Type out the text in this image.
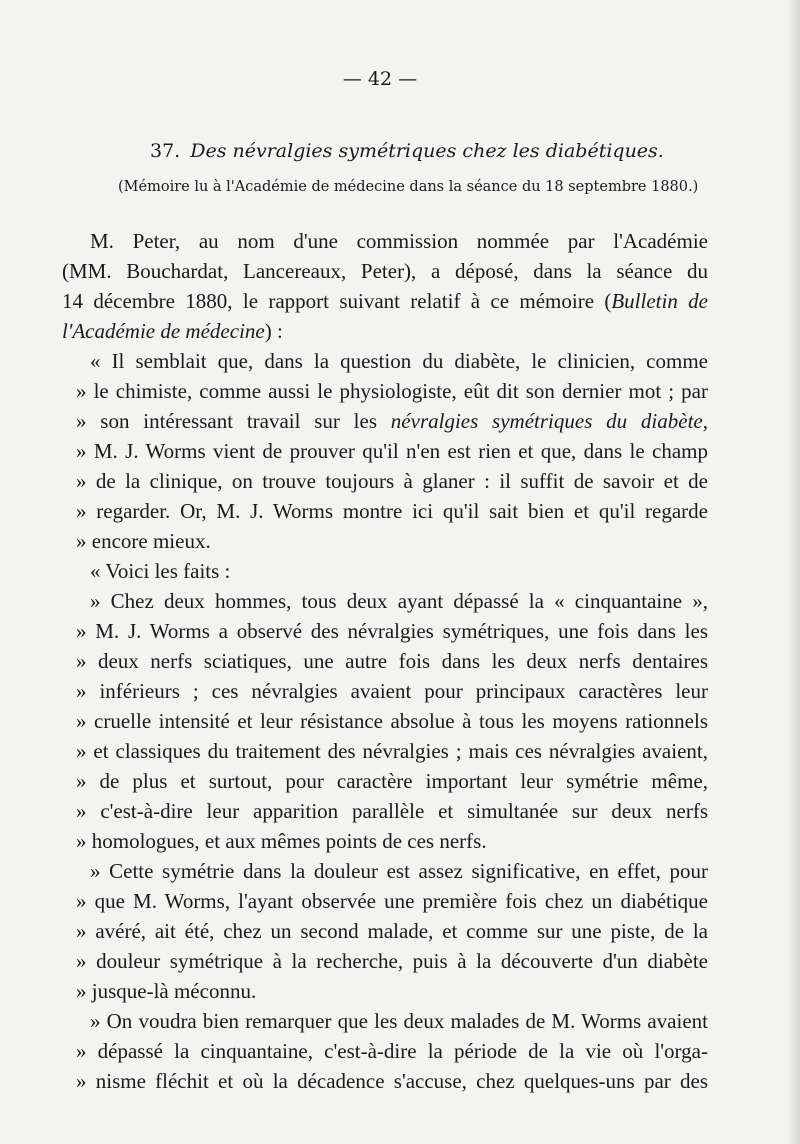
— 42 —
37. Des névralgies symétriques chez les diabétiques.
(Mémoire lu à l'Académie de médecine dans la séance du 18 septembre 1880.)
M. Peter, au nom d'une commission nommée par l'Académie
(MM. Bouchardat, Lancereaux, Peter), a déposé, dans la séance du
14 décembre 1880, le rapport suivant relatif à ce mémoire (Bulletin de
l'Académie de médecine) :
« Il semblait que, dans la question du diabète, le clinicien, comme
» le chimiste, comme aussi le physiologiste, eût dit son dernier mot ; par
» son intéressant travail sur les névralgies symétriques du diabète,
» M. J. Worms vient de prouver qu'il n'en est rien et que, dans le champ
» de la clinique, on trouve toujours à glaner : il suffit de savoir et de
» regarder. Or, M. J. Worms montre ici qu'il sait bien et qu'il regarde
» encore mieux.
« Voici les faits :
» Chez deux hommes, tous deux ayant dépassé la « cinquantaine »,
» M. J. Worms a observé des névralgies symétriques, une fois dans les
» deux nerfs sciatiques, une autre fois dans les deux nerfs dentaires
» inférieurs ; ces névralgies avaient pour principaux caractères leur
» cruelle intensité et leur résistance absolue à tous les moyens rationnels
» et classiques du traitement des névralgies ; mais ces névralgies avaient,
» de plus et surtout, pour caractère important leur symétrie même,
» c'est-à-dire leur apparition parallèle et simultanée sur deux nerfs
» homologues, et aux mêmes points de ces nerfs.
» Cette symétrie dans la douleur est assez significative, en effet, pour
» que M. Worms, l'ayant observée une première fois chez un diabétique
» avéré, ait été, chez un second malade, et comme sur une piste, de la
» douleur symétrique à la recherche, puis à la découverte d'un diabète
» jusque-là méconnu.
» On voudra bien remarquer que les deux malades de M. Worms avaient
» dépassé la cinquantaine, c'est-à-dire la période de la vie où l'orga-
» nisme fléchit et où la décadence s'accuse, chez quelques-uns par des
